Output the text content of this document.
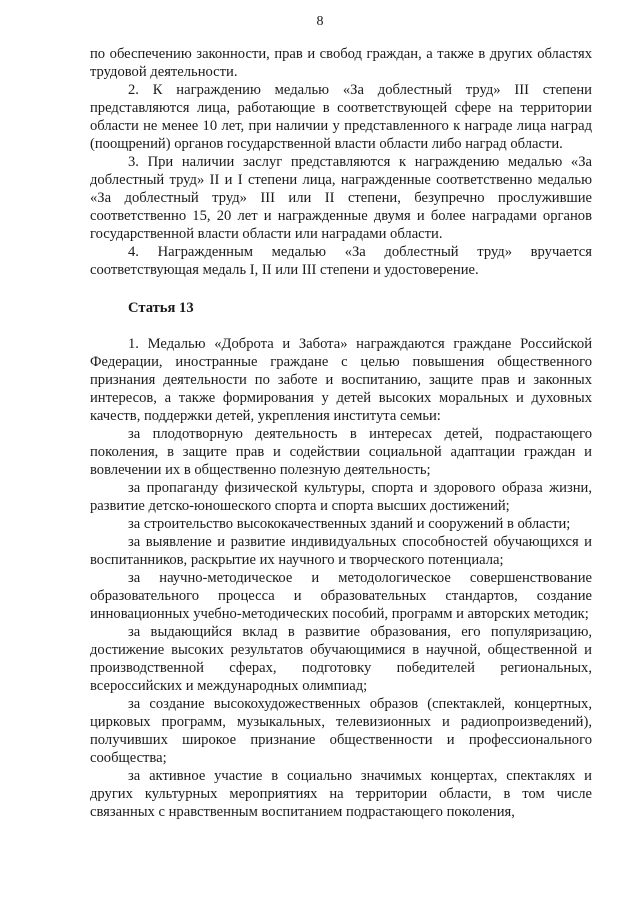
8

по обеспечению законности, прав и свобод граждан, а также в других областях трудовой деятельности.

2. К награждению медалью «За доблестный труд» III степени представляются лица, работающие в соответствующей сфере на территории области не менее 10 лет, при наличии у представленного к награде лица наград (поощрений) органов государственной власти области либо наград области.

3. При наличии заслуг представляются к награждению медалью «За доблестный труд» II и I степени лица, награжденные соответственно медалью «За доблестный труд» III или II степени, безупречно прослужившие соответственно 15, 20 лет и награжденные двумя и более наградами органов государственной власти области или наградами области.

4. Награжденным медалью «За доблестный труд» вручается соответствующая медаль I, II или III степени и удостоверение.

Статья 13

1. Медалью «Доброта и Забота» награждаются граждане Российской Федерации, иностранные граждане с целью повышения общественного признания деятельности по заботе и воспитанию, защите прав и законных интересов, а также формирования у детей высоких моральных и духовных качеств, поддержки детей, укрепления института семьи:

за плодотворную деятельность в интересах детей, подрастающего поколения, в защите прав и содействии социальной адаптации граждан и вовлечении их в общественно полезную деятельность;

за пропаганду физической культуры, спорта и здорового образа жизни, развитие детско-юношеского спорта и спорта высших достижений;

за строительство высококачественных зданий и сооружений в области;

за выявление и развитие индивидуальных способностей обучающихся и воспитанников, раскрытие их научного и творческого потенциала;

за научно-методическое и методологическое совершенствование образовательного процесса и образовательных стандартов, создание инновационных учебно-методических пособий, программ и авторских методик;

за выдающийся вклад в развитие образования, его популяризацию, достижение высоких результатов обучающимися в научной, общественной и производственной сферах, подготовку победителей региональных, всероссийских и международных олимпиад;

за создание высокохудожественных образов (спектаклей, концертных, цирковых программ, музыкальных, телевизионных и радиопроизведений), получивших широкое признание общественности и профессионального сообщества;

за активное участие в социально значимых концертах, спектаклях и других культурных мероприятиях на территории области, в том числе связанных с нравственным воспитанием подрастающего поколения,
